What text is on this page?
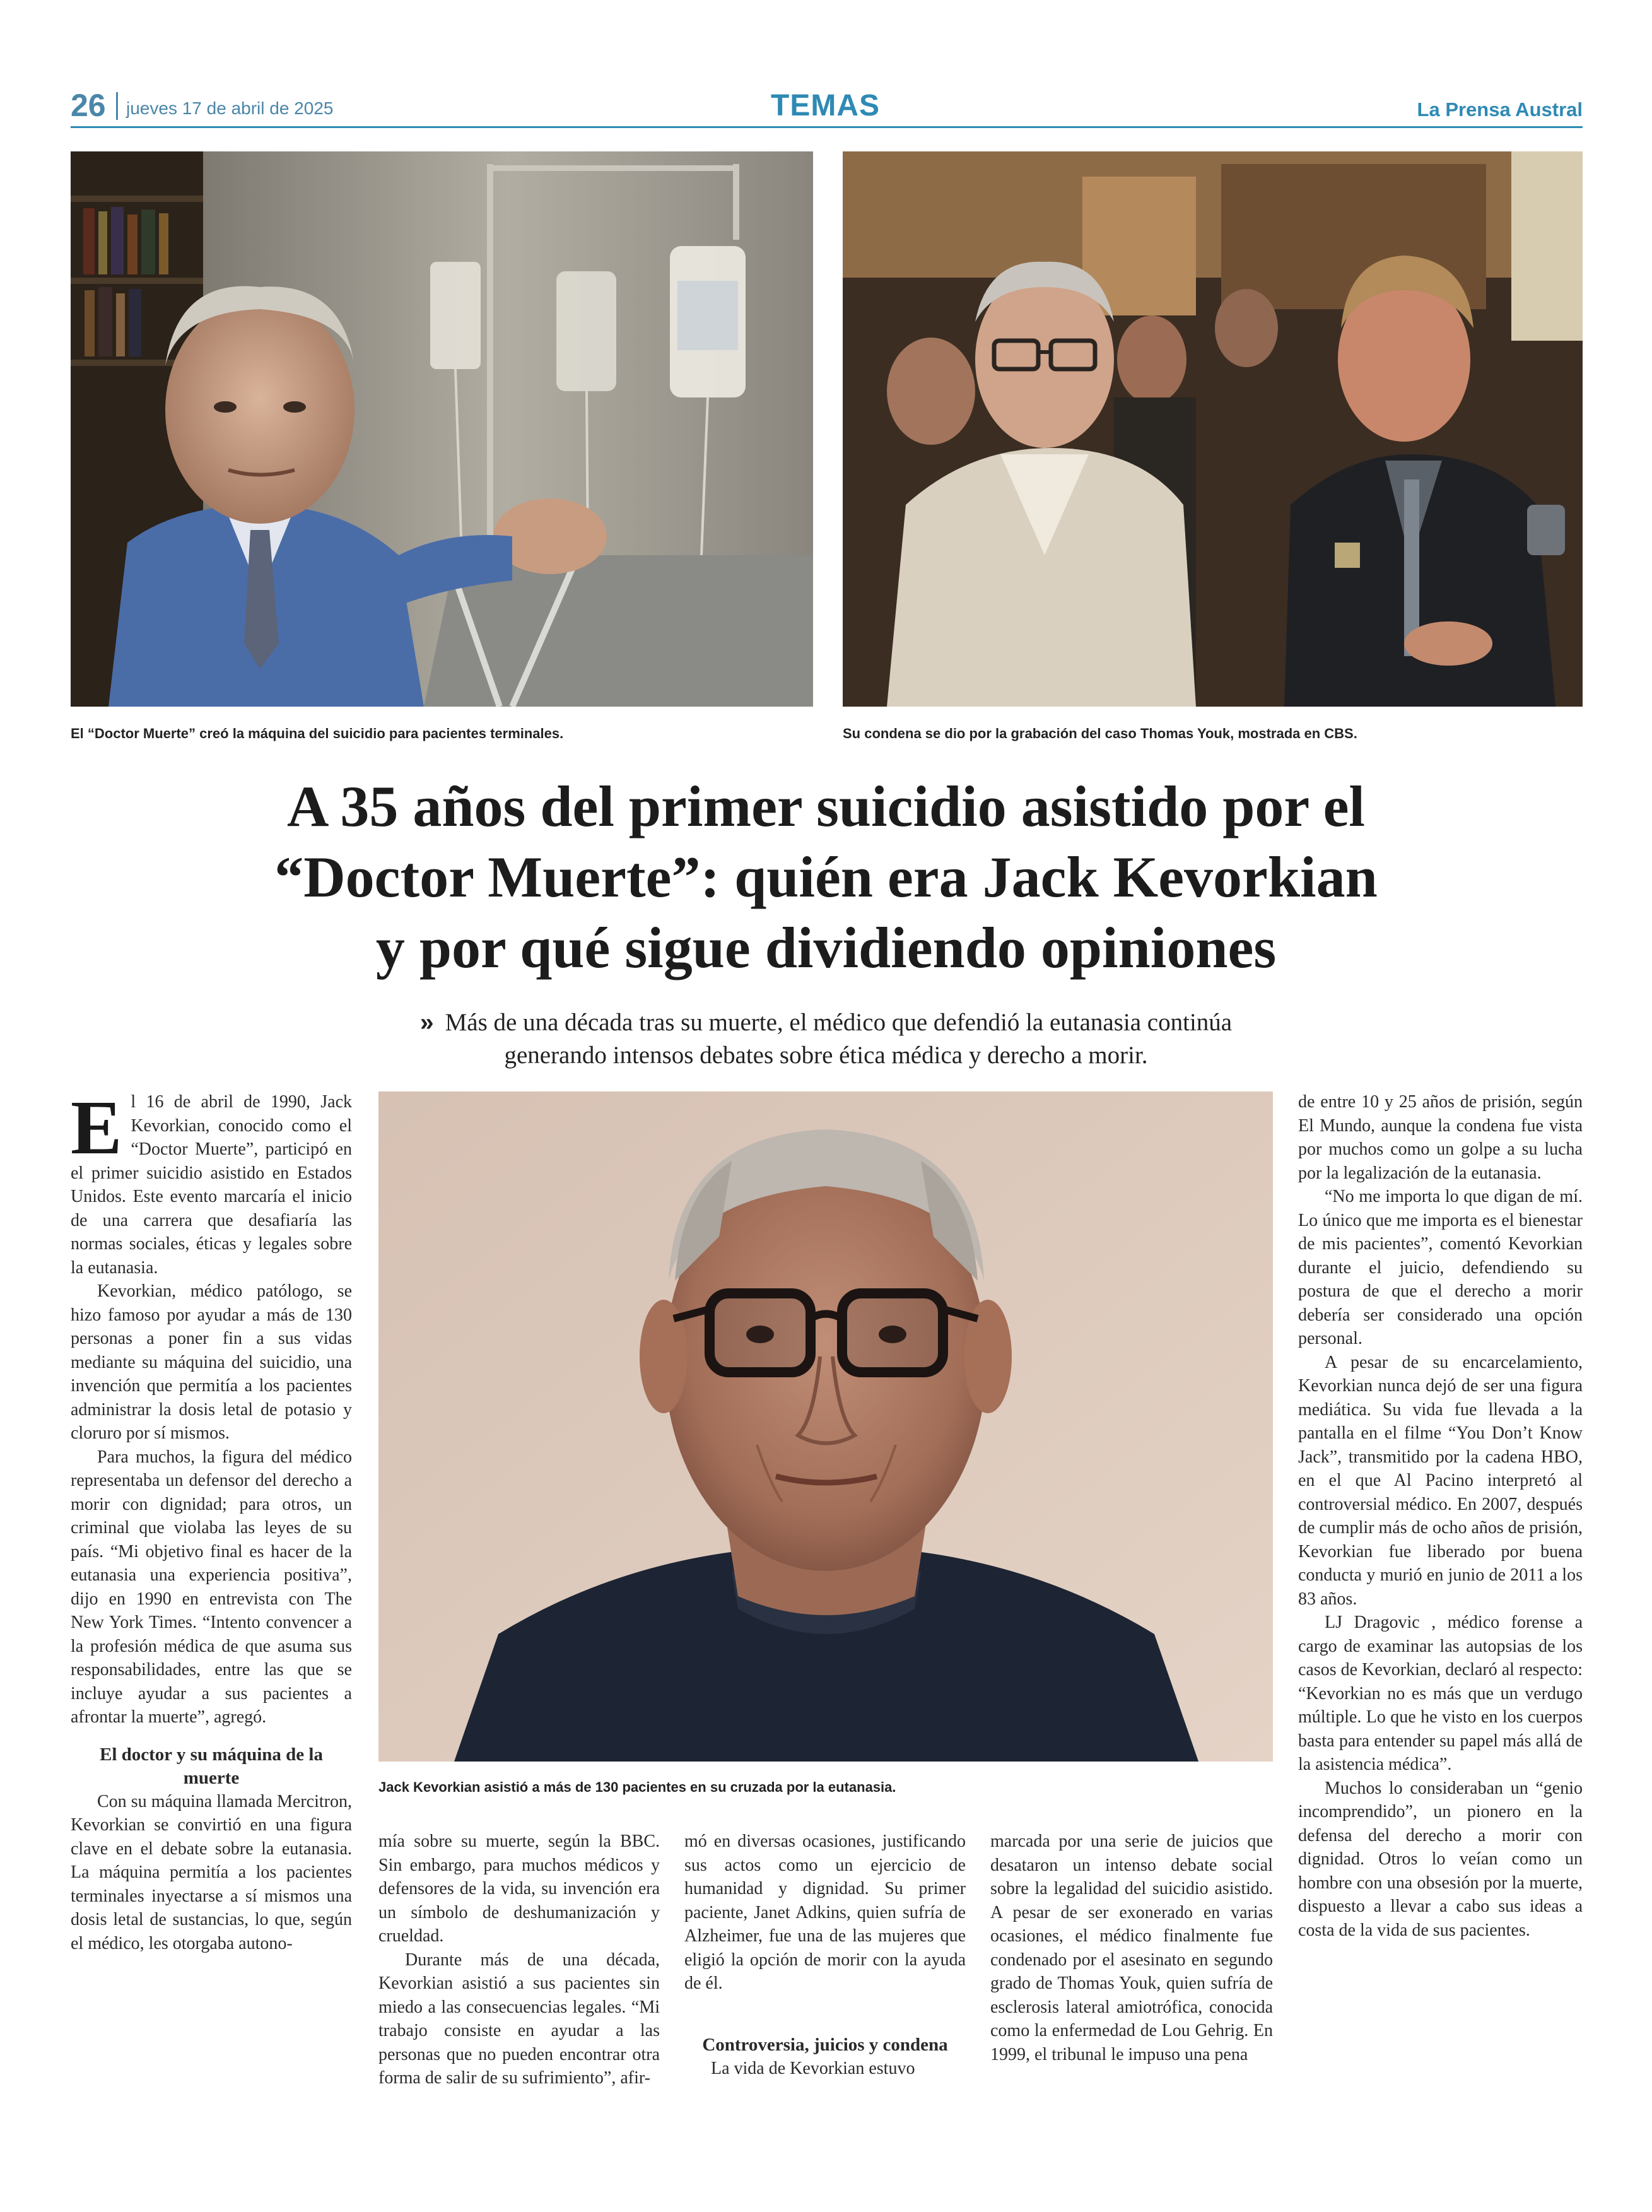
26 jueves 17 de abril de 2025	TEMAS	La Prensa Austral
El “Doctor Muerte” creó la máquina del suicidio para pacientes terminales.	Su condena se dio por la grabación del caso Thomas Youk, mostrada en CBS.
A 35 años del primer suicidio asistido por el
“Doctor Muerte”: quién era Jack Kevorkian
y por qué sigue dividiendo opiniones
» Más de una década tras su muerte, el médico que defendió la eutanasia continúa
generando intensos debates sobre ética médica y derecho a morir.
Jack Kevorkian asistió a más de 130 pacientes en su cruzada por la eutanasia.
E l 16 de abril de 1990, Jack Kevorkian, conocido como el “Doctor Muerte”, participó en el primer suicidio asistido en Estados Unidos. Este evento marcaría el inicio de una carrera que desafiaría las normas sociales, éticas y legales sobre la eutanasia.

Kevorkian, médico patólogo, se hizo famoso por ayudar a más de 130 personas a poner fin a sus vidas mediante su máquina del suicidio, una invención que permitía a los pacientes administrar la dosis letal de potasio y cloruro por sí mismos.

Para muchos, la figura del médico representaba un defensor del derecho a morir con dignidad; para otros, un criminal que violaba las leyes de su país. “Mi objetivo final es hacer de la eutanasia una experiencia positiva”, dijo en 1990 en entrevista con The New York Times. “Intento convencer a la profesión médica de que asuma sus responsabilidades, entre las que se incluye ayudar a sus pacientes a afrontar la muerte”, agregó.

El doctor y su máquina de la muerte

Con su máquina llamada Mercitron, Kevorkian se convirtió en una figura clave en el debate sobre la eutanasia. La máquina permitía a los pacientes terminales inyectarse a sí mismos una dosis letal de sustancias, lo que, según el médico, les otorgaba autono-

mía sobre su muerte, según la BBC. Sin embargo, para muchos médicos y defensores de la vida, su invención era un símbolo de deshumanización y crueldad.

Durante más de una década, Kevorkian asistió a sus pacientes sin miedo a las consecuencias legales. “Mi trabajo consiste en ayudar a las personas que no pueden encontrar otra forma de salir de su sufrimiento”, afir-

mó en diversas ocasiones, justificando sus actos como un ejercicio de humanidad y dignidad. Su primer paciente, Janet Adkins, quien sufría de Alzheimer, fue una de las mujeres que eligió la opción de morir con la ayuda de él.

Controversia, juicios y condena

La vida de Kevorkian estuvo

marcada por una serie de juicios que desataron un intenso debate social sobre la legalidad del suicidio asistido. A pesar de ser exonerado en varias ocasiones, el médico finalmente fue condenado por el asesinato en segundo grado de Thomas Youk, quien sufría de esclerosis lateral amiotrófica, conocida como la enfermedad de Lou Gehrig. En 1999, el tribunal le impuso una pena

de entre 10 y 25 años de prisión, según El Mundo, aunque la condena fue vista por muchos como un golpe a su lucha por la legalización de la eutanasia.

“No me importa lo que digan de mí. Lo único que me importa es el bienestar de mis pacientes”, comentó Kevorkian durante el juicio, defendiendo su postura de que el derecho a morir debería ser considerado una opción personal.

A pesar de su encarcelamiento, Kevorkian nunca dejó de ser una figura mediática. Su vida fue llevada a la pantalla en el filme “You Don’t Know Jack”, transmitido por la cadena HBO, en el que Al Pacino interpretó al controversial médico. En 2007, después de cumplir más de ocho años de prisión, Kevorkian fue liberado por buena conducta y murió en junio de 2011 a los 83 años.

LJ Dragovic , médico forense a cargo de examinar las autopsias de los casos de Kevorkian, declaró al respecto: “Kevorkian no es más que un verdugo múltiple. Lo que he visto en los cuerpos basta para entender su papel más allá de la asistencia médica”.

Muchos lo consideraban un “genio incomprendido”, un pionero en la defensa del derecho a morir con dignidad. Otros lo veían como un hombre con una obsesión por la muerte, dispuesto a llevar a cabo sus ideas a costa de la vida de sus pacientes.
